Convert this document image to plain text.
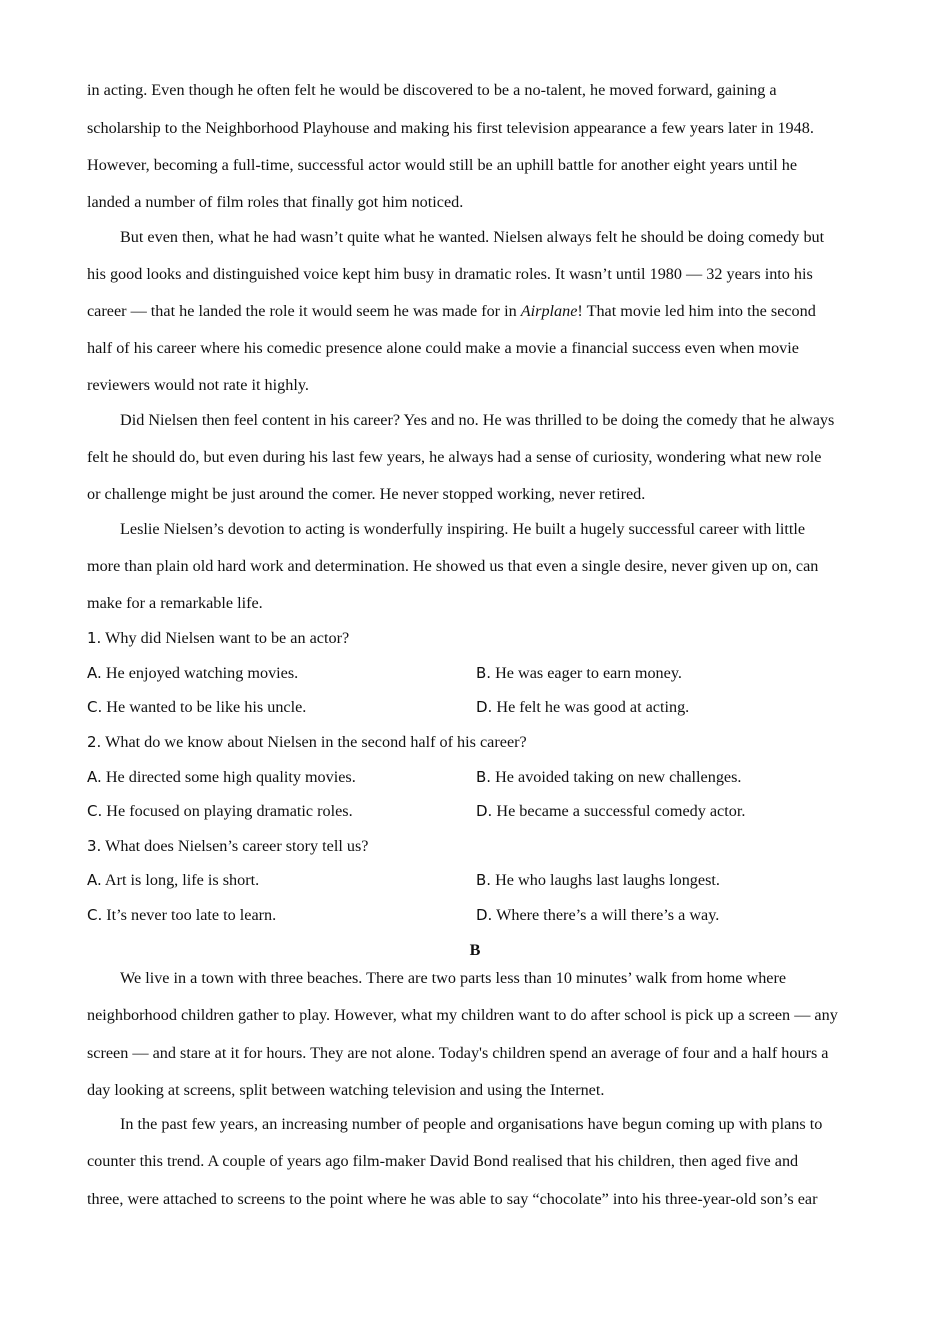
in acting. Even though he often felt he would be discovered to be a no-talent, he moved forward, gaining a
scholarship to the Neighborhood Playhouse and making his first television appearance a few years later in 1948.
However, becoming a full-time, successful actor would still be an uphill battle for another eight years until he
landed a number of film roles that finally got him noticed.
But even then, what he had wasn’t quite what he wanted. Nielsen always felt he should be doing comedy but
his good looks and distinguished voice kept him busy in dramatic roles. It wasn’t until 1980 — 32 years into his
career — that he landed the role it would seem he was made for in Airplane! That movie led him into the second
half of his career where his comedic presence alone could make a movie a financial success even when movie
reviewers would not rate it highly.
Did Nielsen then feel content in his career? Yes and no. He was thrilled to be doing the comedy that he always
felt he should do, but even during his last few years, he always had a sense of curiosity, wondering what new role
or challenge might be just around the comer. He never stopped working, never retired.
Leslie Nielsen’s devotion to acting is wonderfully inspiring. He built a hugely successful career with little
more than plain old hard work and determination. He showed us that even a single desire, never given up on, can
make for a remarkable life.
1. Why did Nielsen want to be an actor?
A. He enjoyed watching movies.	B. He was eager to earn money.
C. He wanted to be like his uncle.	D. He felt he was good at acting.
2. What do we know about Nielsen in the second half of his career?
A. He directed some high quality movies.	B. He avoided taking on new challenges.
C. He focused on playing dramatic roles.	D. He became a successful comedy actor.
3. What does Nielsen’s career story tell us?
A. Art is long, life is short.	B. He who laughs last laughs longest.
C. It’s never too late to learn.	D. Where there’s a will there’s a way.
B
We live in a town with three beaches. There are two parts less than 10 minutes’ walk from home where
neighborhood children gather to play. However, what my children want to do after school is pick up a screen — any
screen — and stare at it for hours. They are not alone. Today's children spend an average of four and a half hours a
day looking at screens, split between watching television and using the Internet.
In the past few years, an increasing number of people and organisations have begun coming up with plans to
counter this trend. A couple of years ago film-maker David Bond realised that his children, then aged five and
three, were attached to screens to the point where he was able to say “chocolate” into his three-year-old son’s ear
